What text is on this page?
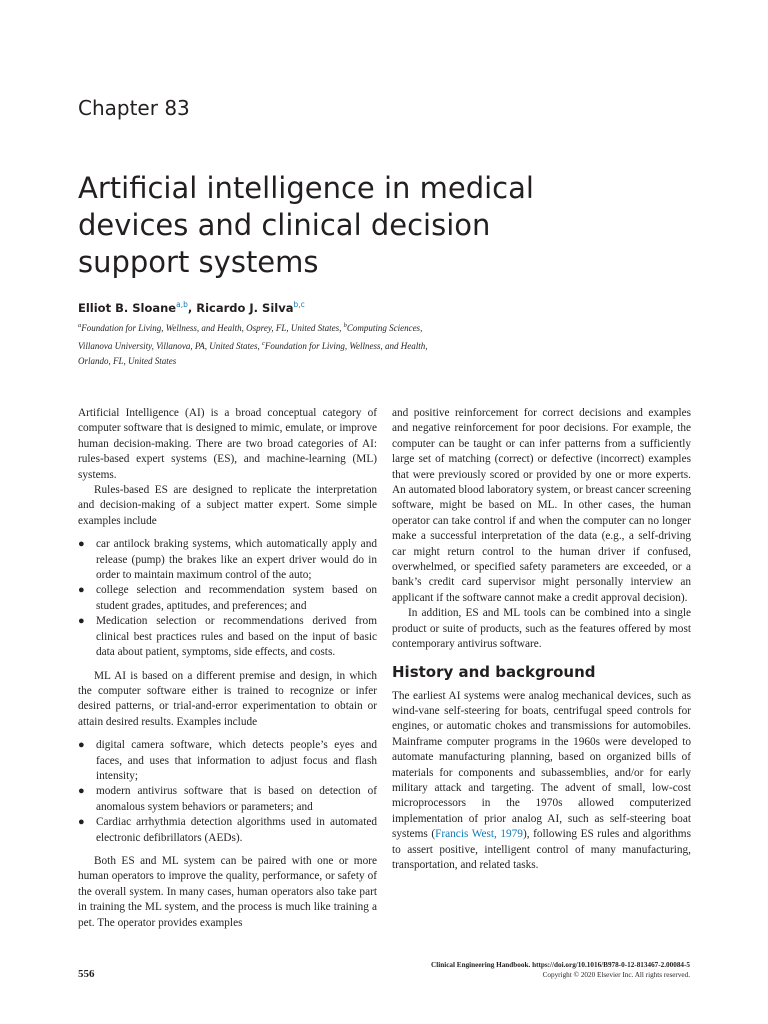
Chapter 83
Artificial intelligence in medical
devices and clinical decision
support systems
Elliot B. Sloane$^{a,b}$, Ricardo J. Silva$^{b,c}$
$^a$Foundation for Living, Wellness, and Health, Osprey, FL, United States, $^b$Computing Sciences,
Villanova University, Villanova, PA, United States, $^c$Foundation for Living, Wellness, and Health,
Orlando, FL, United States

Artificial Intelligence (AI) is a broad conceptual category of computer software that is designed to mimic, emulate, or improve human decision-making. There are two broad categories of AI: rules-based expert systems (ES), and machine-learning (ML) systems.

Rules-based ES are designed to replicate the interpretation and decision-making of a subject matter expert. Some simple examples include

● car antilock braking systems, which automatically apply and release (pump) the brakes like an expert driver would do in order to maintain maximum control of the auto;
● college selection and recommendation system based on student grades, aptitudes, and preferences; and
● Medication selection or recommendations derived from clinical best practices rules and based on the input of basic data about patient, symptoms, side effects, and costs.

ML AI is based on a different premise and design, in which the computer software either is trained to recognize or infer desired patterns, or trial-and-error experimentation to obtain or attain desired results. Examples include

● digital camera software, which detects people’s eyes and faces, and uses that information to adjust focus and flash intensity;
● modern antivirus software that is based on detection of anomalous system behaviors or parameters; and
● Cardiac arrhythmia detection algorithms used in automated electronic defibrillators (AEDs).

Both ES and ML system can be paired with one or more human operators to improve the quality, performance, or safety of the overall system. In many cases, human operators also take part in training the ML system, and the process is much like training a pet. The operator provides examples

and positive reinforcement for correct decisions and examples and negative reinforcement for poor decisions. For example, the computer can be taught or can infer patterns from a sufficiently large set of matching (correct) or defective (incorrect) examples that were previously scored or provided by one or more experts. An automated blood laboratory system, or breast cancer screening software, might be based on ML. In other cases, the human operator can take control if and when the computer can no longer make a successful interpretation of the data (e.g., a self-driving car might return control to the human driver if confused, overwhelmed, or specified safety parameters are exceeded, or a bank’s credit card supervisor might personally interview an applicant if the software cannot make a credit approval decision).

In addition, ES and ML tools can be combined into a single product or suite of products, such as the features offered by most contemporary antivirus software.

History and background

The earliest AI systems were analog mechanical devices, such as wind-vane self-steering for boats, centrifugal speed controls for engines, or automatic chokes and transmissions for automobiles. Mainframe computer programs in the 1960s were developed to automate manufacturing planning, based on organized bills of materials for components and subassemblies, and/or for early military attack and targeting. The advent of small, low-cost microprocessors in the 1970s allowed computerized implementation of prior analog AI, such as self-steering boat systems (Francis West, 1979), following ES rules and algorithms to assert positive, intelligent control of many manufacturing, transportation, and related tasks.

556
Clinical Engineering Handbook. https://doi.org/10.1016/B978-0-12-813467-2.00084-5
Copyright © 2020 Elsevier Inc. All rights reserved.
